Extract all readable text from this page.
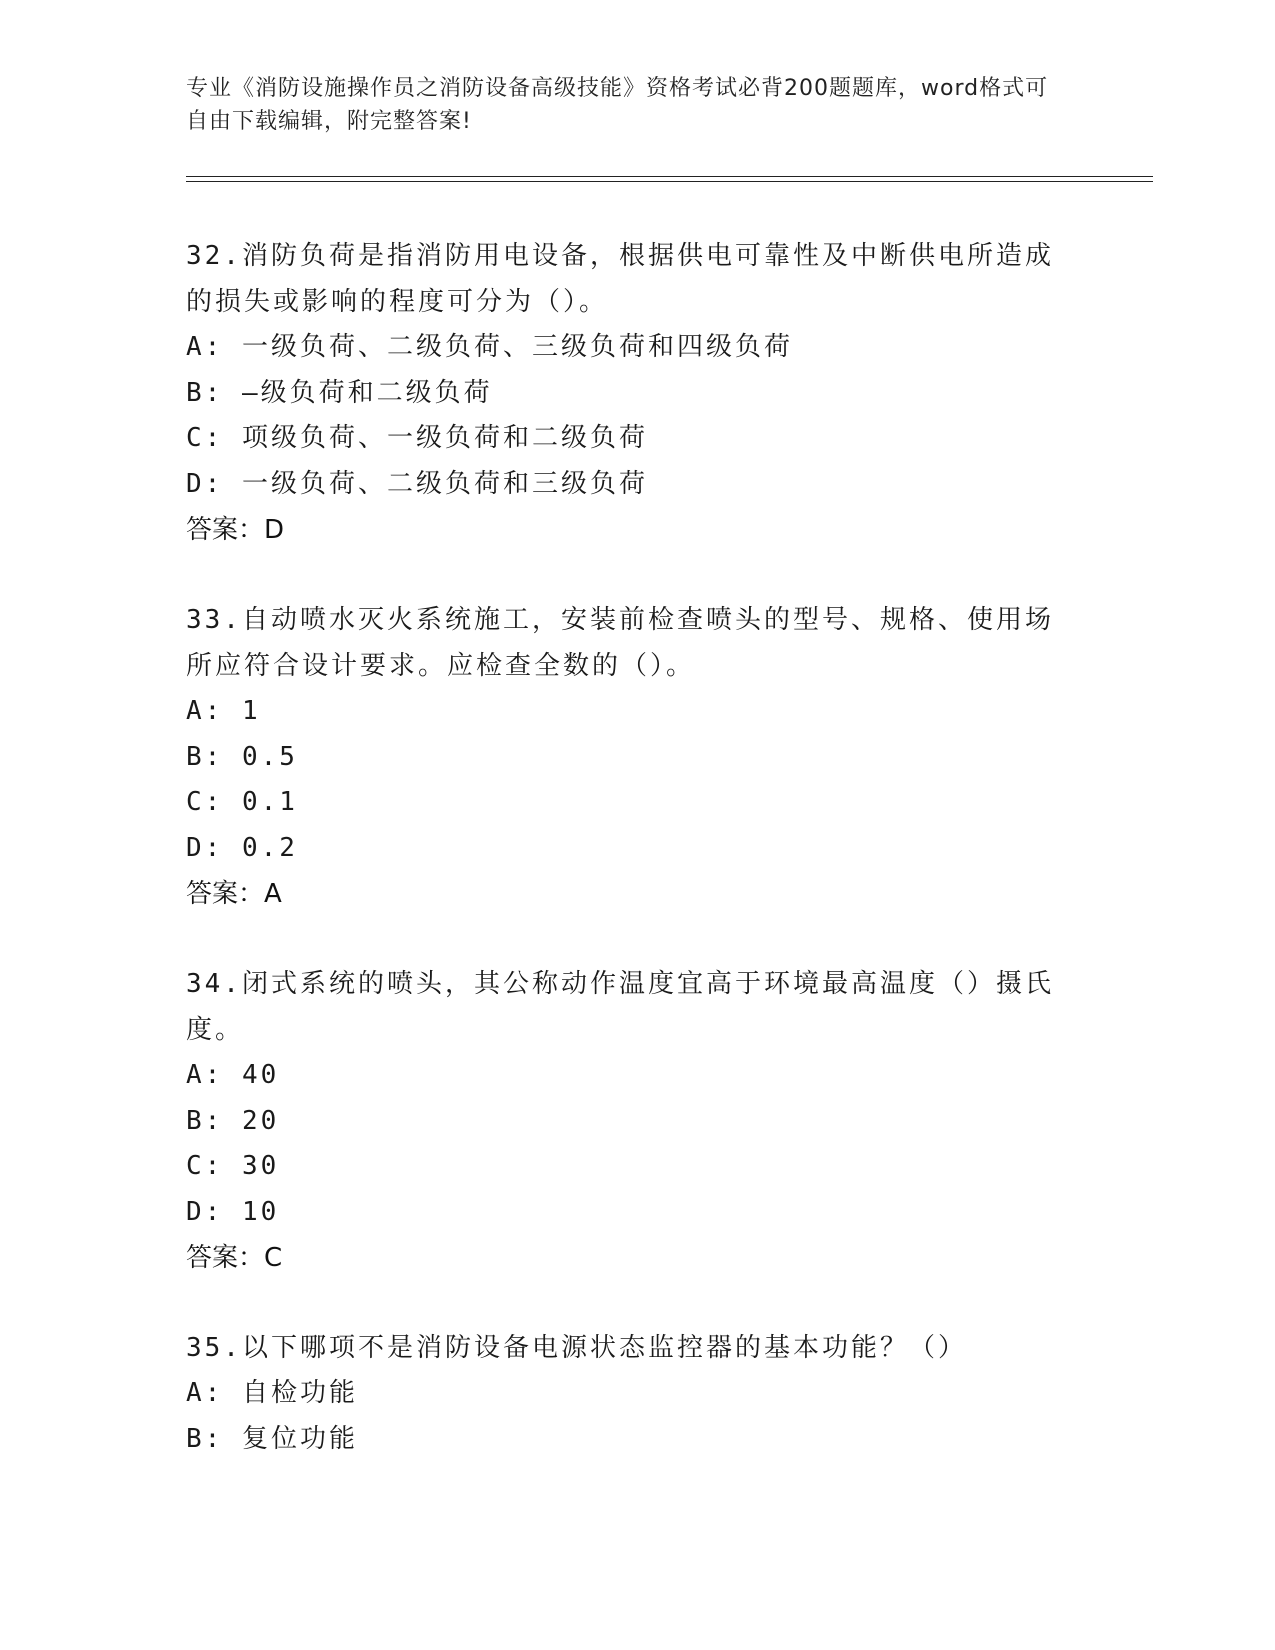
专业《消防设施操作员之消防设备高级技能》资格考试必背200题题库，word格式可自由下载编辑，附完整答案!
32.消防负荷是指消防用电设备，根据供电可靠性及中断供电所造成的损失或影响的程度可分为（）。
A: 一级负荷、二级负荷、三级负荷和四级负荷
B: —级负荷和二级负荷
C: 项级负荷、一级负荷和二级负荷
D: 一级负荷、二级负荷和三级负荷
答案：D
33.自动喷水灭火系统施工，安装前检查喷头的型号、规格、使用场所应符合设计要求。应检查全数的（）。
A: 1
B: 0.5
C: 0.1
D: 0.2
答案：A
34.闭式系统的喷头，其公称动作温度宜高于环境最高温度（）摄氏度。
A: 40
B: 20
C: 30
D: 10
答案：C
35.以下哪项不是消防设备电源状态监控器的基本功能？（）
A: 自检功能
B: 复位功能
